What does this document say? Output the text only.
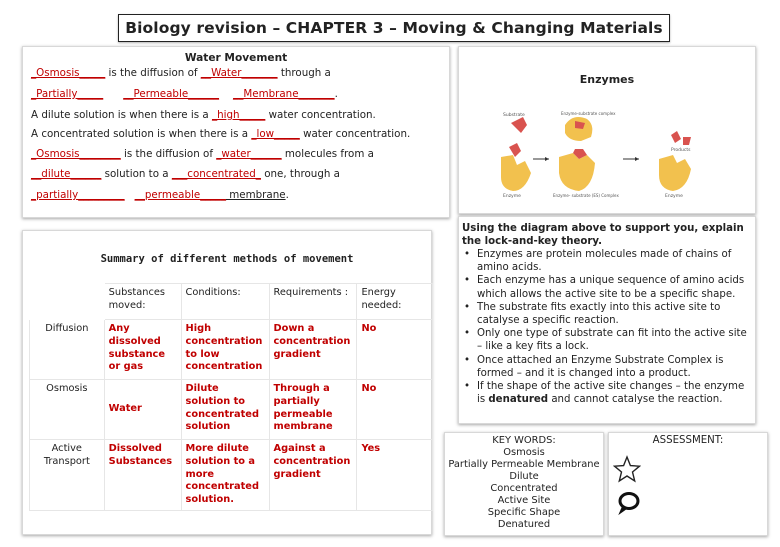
Biology revision – CHAPTER 3 – Moving & Changing Materials
Water Movement
_Osmosis_____ is the diffusion of __Water_______ through a
_Partially_____ __Permeable______ __Membrane_______.
A dilute solution is when there is a _high_____ water concentration.
A concentrated solution is when there is a _low_____ water concentration.
_Osmosis________ is the diffusion of _water______ molecules from a
__dilute______ solution to a ___concentrated_ one, through a
_partially_________ __permeable_____ membrane.
Enzymes
Substrate	Enzyme-substrate complex
Enzyme	Enzyme- substrate (ES) Complex
Products
Enzyme
Using the diagram above to support you, explain the lock-and-key theory.
• Enzymes are protein molecules made of chains of amino acids.
• Each enzyme has a unique sequence of amino acids which allows the active site to be a specific shape.
• The substrate fits exactly into this active site to catalyse a specific reaction.
• Only one type of substrate can fit into the active site – like a key fits a lock.
• Once attached an Enzyme Substrate Complex is formed – and it is changed into a product.
• If the shape of the active site changes – the enzyme is denatured and cannot catalyse the reaction.
Summary of different methods of movement
	Substances moved:	Conditions:	Requirements :	Energy needed:
Diffusion	Any dissolved substance or gas	High concentration to low concentration	Down a concentration gradient	No
Osmosis	Water	Dilute solution to concentrated solution	Through a partially permeable membrane	No
Active Transport	Dissolved Substances	More dilute solution to a more concentrated solution.	Against a concentration gradient	Yes
KEY WORDS:
Osmosis
Partially Permeable Membrane
Dilute
Concentrated
Active Site
Specific Shape
Denatured
ASSESSMENT:
